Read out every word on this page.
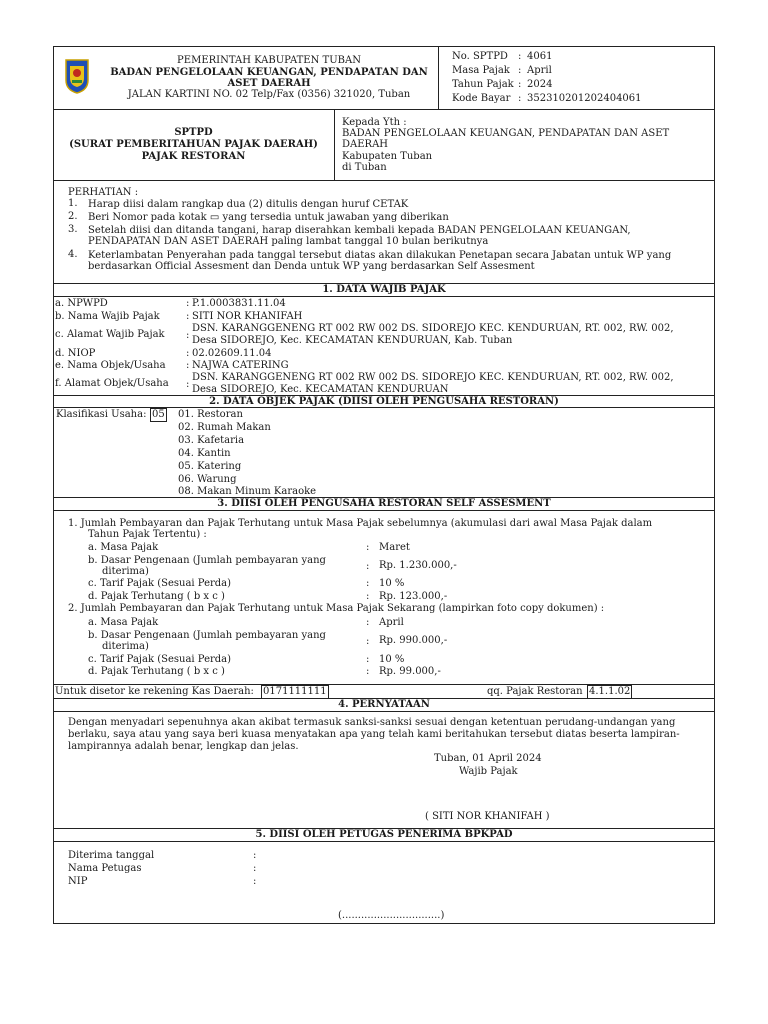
PEMERINTAH KABUPATEN TUBAN
BADAN PENGELOLAAN KEUANGAN, PENDAPATAN DAN
ASET DAERAH
JALAN KARTINI NO. 02 Telp/Fax (0356) 321020, Tuban
No. SPTPD : 4061
Masa Pajak : April
Tahun Pajak : 2024
Kode Bayar : 352310201202404061
SPTPD
(SURAT PEMBERITAHUAN PAJAK DAERAH)
PAJAK RESTORAN
Kepada Yth :
BADAN PENGELOLAAN KEUANGAN, PENDAPATAN DAN ASET
DAERAH
Kabupaten Tuban
di Tuban
PERHATIAN :
1. Harap diisi dalam rangkap dua (2) ditulis dengan huruf CETAK
2. Beri Nomor pada kotak ▭ yang tersedia untuk jawaban yang diberikan
3. Setelah diisi dan ditanda tangani, harap diserahkan kembali kepada BADAN PENGELOLAAN KEUANGAN,
PENDAPATAN DAN ASET DAERAH paling lambat tanggal 10 bulan berikutnya
4. Keterlambatan Penyerahan pada tanggal tersebut diatas akan dilakukan Penetapan secara Jabatan untuk WP yang
berdasarkan Official Assesment dan Denda untuk WP yang berdasarkan Self Assesment
1. DATA WAJIB PAJAK
a. NPWPD	: P.1.0003831.11.04
b. Nama Wajib Pajak	: SITI NOR KHANIFAH
c. Alamat Wajib Pajak :
DSN. KARANGGENENG RT 002 RW 002 DS. SIDOREJO KEC. KENDURUAN, RT. 002, RW. 002,
Desa SIDOREJO, Kec. KECAMATAN KENDURUAN, Kab. Tuban
d. NIOP	: 02.02609.11.04
e. Nama Objek/Usaha : NAJWA CATERING
f. Alamat Objek/Usaha :
DSN. KARANGGENENG RT 002 RW 002 DS. SIDOREJO KEC. KENDURUAN, RT. 002, RW. 002,
Desa SIDOREJO, Kec. KECAMATAN KENDURUAN
2. DATA OBJEK PAJAK (DIISI OLEH PENGUSAHA RESTORAN)
Klasifikasi Usaha: 05 01. Restoran
02. Rumah Makan
03. Kafetaria
04. Kantin
05. Katering
06. Warung
08. Makan Minum Karaoke
3. DIISI OLEH PENGUSAHA RESTORAN SELF ASSESMENT
1. Jumlah Pembayaran dan Pajak Terhutang untuk Masa Pajak sebelumnya (akumulasi dari awal Masa Pajak dalam
Tahun Pajak Tertentu) :
a. Masa Pajak	: Maret
b. Dasar Pengenaan (Jumlah pembayaran yang
diterima)	: Rp. 1.230.000,-
c. Tarif Pajak (Sesuai Perda)	: 10 %
d. Pajak Terhutang ( b x c )	: Rp. 123.000,-
2. Jumlah Pembayaran dan Pajak Terhutang untuk Masa Pajak Sekarang (lampirkan foto copy dokumen) :
a. Masa Pajak	: April
b. Dasar Pengenaan (Jumlah pembayaran yang
diterima)	: Rp. 990.000,-
c. Tarif Pajak (Sesuai Perda)	: 10 %
d. Pajak Terhutang ( b x c )	: Rp. 99.000,-
Untuk disetor ke rekening Kas Daerah: 0171111111	qq. Pajak Restoran 4.1.1.02
4. PERNYATAAN
Dengan menyadari sepenuhnya akan akibat termasuk sanksi-sanksi sesuai dengan ketentuan perudang-undangan yang
berlaku, saya atau yang saya beri kuasa menyatakan apa yang telah kami beritahukan tersebut diatas beserta lampiran-
lampirannya adalah benar, lengkap dan jelas.
Tuban, 01 April 2024
Wajib Pajak
( SITI NOR KHANIFAH )
5. DIISI OLEH PETUGAS PENERIMA BPKPAD
Diterima tanggal	:
Nama Petugas	:
NIP	:
(...............................)
